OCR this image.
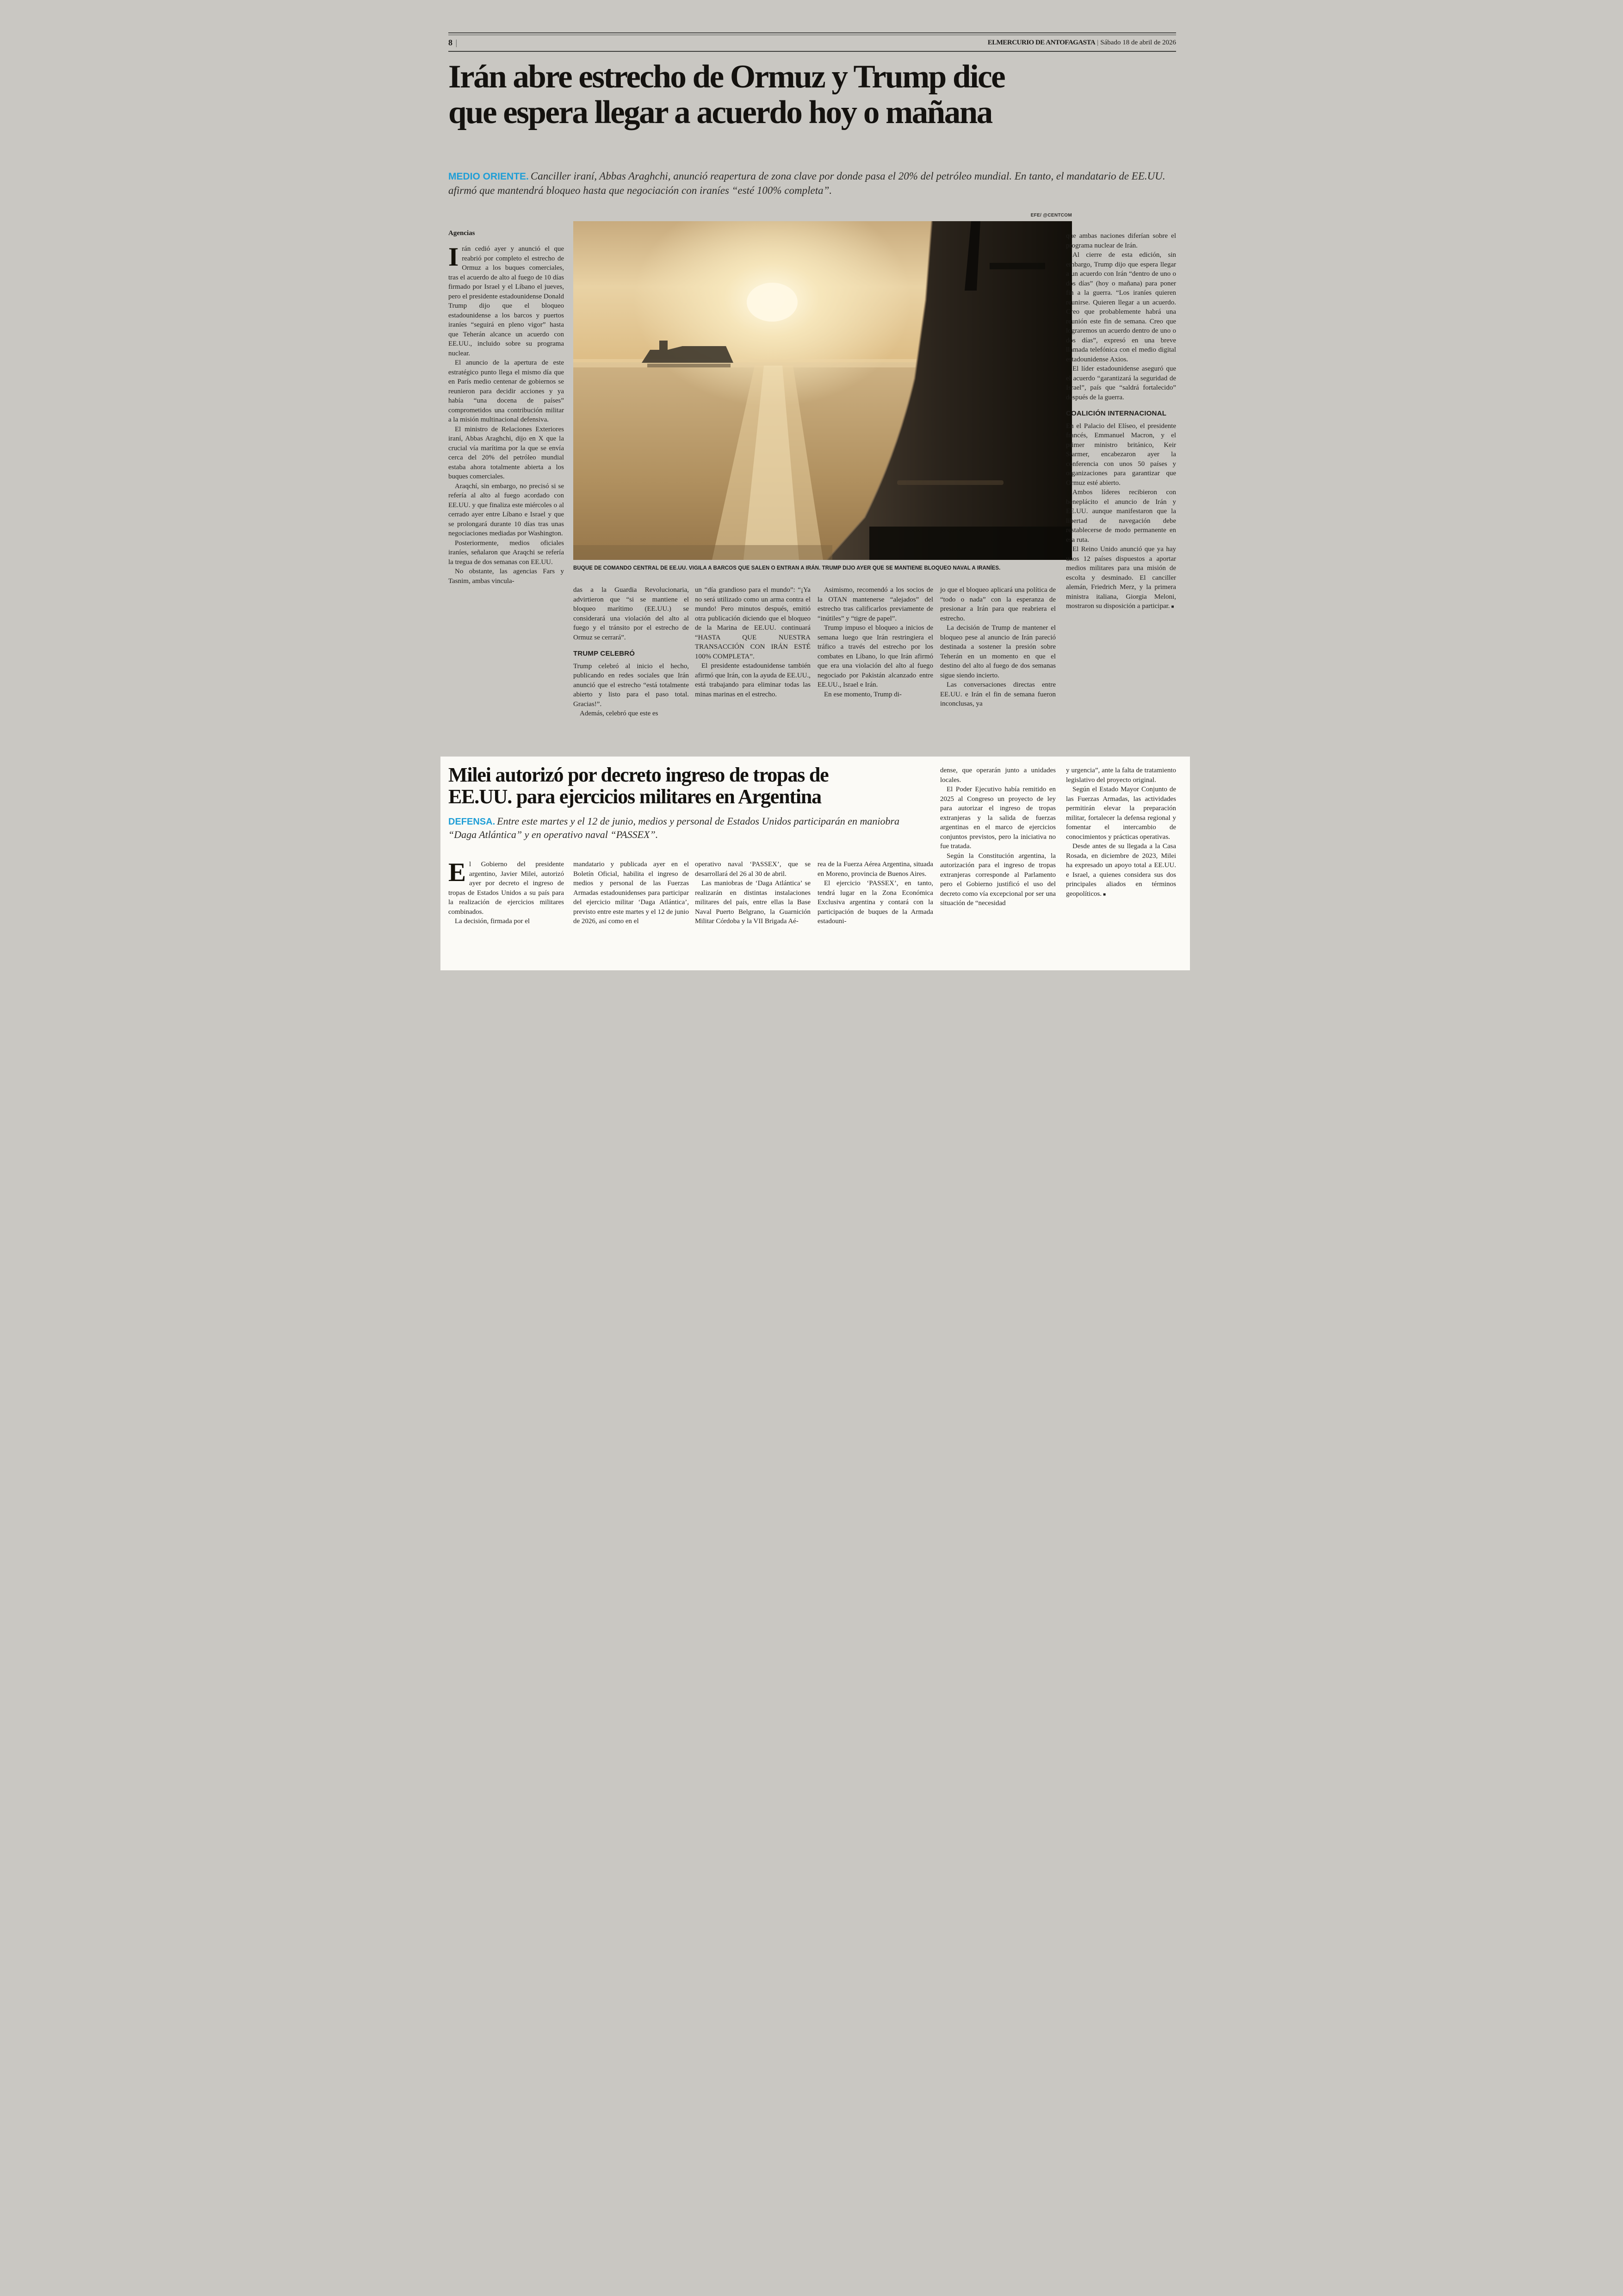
8 |	ELMERCURIO DE ANTOFAGASTA | Sábado 18 de abril de 2026
Irán abre estrecho de Ormuz y Trump dice
que espera llegar a acuerdo hoy o mañana
MEDIO ORIENTE. Canciller iraní, Abbas Araghchi, anunció reapertura de zona clave por donde pasa el 20% del petróleo mundial. En tanto, el mandatario de EE.UU. afirmó que mantendrá bloqueo hasta que negociación con iraníes “esté 100% completa”.
Agencias
EFE/ @CENTCOM
BUQUE DE COMANDO CENTRAL DE EE.UU. VIGILA A BARCOS QUE SALEN O ENTRAN A IRÁN. TRUMP DIJO AYER QUE SE MANTIENE BLOQUEO NAVAL A IRANÍES.

Irán cedió ayer y anunció el que reabrió por completo el estrecho de Ormuz a los buques comerciales, tras el acuerdo de alto al fuego de 10 días firmado por Israel y el Líbano el jueves, pero el presidente estadounidense Donald Trump dijo que el bloqueo estadounidense a los barcos y puertos iraníes “seguirá en pleno vigor” hasta que Teherán alcance un acuerdo con EE.UU., incluido sobre su programa nuclear.

El anuncio de la apertura de este estratégico punto llega el mismo día que en París medio centenar de gobiernos se reunieron para decidir acciones y ya había “una docena de países” comprometidos una contribución militar a la misión multinacional defensiva.

El ministro de Relaciones Exteriores iraní, Abbas Araghchi, dijo en X que la crucial vía marítima por la que se envía cerca del 20% del petróleo mundial estaba ahora totalmente abierta a los buques comerciales.

Araqchí, sin embargo, no precisó si se refería al alto al fuego acordado con EE.UU. y que finaliza este miércoles o al cerrado ayer entre Líbano e Israel y que se prolongará durante 10 días tras unas negociaciones mediadas por Washington.

Posteriormente, medios oficiales iraníes, señalaron que Araqchi se refería la tregua de dos semanas con EE.UU.

No obstante, las agencias Fars y Tasnim, ambas vincula-

das a la Guardia Revolucionaria, advirtieron que “si se mantiene el bloqueo marítimo (EE.UU.) se considerará una violación del alto al fuego y el tránsito por el estrecho de Ormuz se cerrará”.

TRUMP CELEBRÓ

Trump celebró al inicio el hecho, publicando en redes sociales que Irán anunció que el estrecho “está totalmente abierto y listo para el paso total. Gracias!”.

Además, celebró que este es

un “día grandioso para el mundo”: “¡Ya no será utilizado como un arma contra el mundo! Pero minutos después, emitió otra publicación diciendo que el bloqueo de la Marina de EE.UU. continuará “HASTA QUE NUESTRA TRANSACCIÓN CON IRÁN ESTÉ 100% COMPLETA”.

El presidente estadounidense también afirmó que Irán, con la ayuda de EE.UU., está trabajando para eliminar todas las minas marinas en el estrecho.

Asimismo, recomendó a los socios de la OTAN mantenerse “alejados” del estrecho tras calificarlos previamente de “inútiles” y “tigre de papel”.

Trump impuso el bloqueo a inicios de semana luego que Irán restringiera el tráfico a través del estrecho por los combates en Líbano, lo que Irán afirmó que era una violación del alto al fuego negociado por Pakistán alcanzado entre EE.UU., Israel e Irán.

En ese momento, Trump di-

jo que el bloqueo aplicará una política de “todo o nada” con la esperanza de presionar a Irán para que reabriera el estrecho.

La decisión de Trump de mantener el bloqueo pese al anuncio de Irán pareció destinada a sostener la presión sobre Teherán en un momento en que el destino del alto al fuego de dos semanas sigue siendo incierto.

Las conversaciones directas entre EE.UU. e Irán el fin de semana fueron inconclusas, ya

que ambas naciones diferían sobre el programa nuclear de Irán.

Al cierre de esta edición, sin embargo, Trump dijo que espera llegar a un acuerdo con Irán “dentro de uno o dos días” (hoy o mañana) para poner fin a la guerra. “Los iraníes quieren reunirse. Quieren llegar a un acuerdo. Creo que probablemente habrá una reunión este fin de semana. Creo que lograremos un acuerdo dentro de uno o dos días”, expresó en una breve llamada telefónica con el medio digital estadounidense Axios.

El líder estadounidense aseguró que el acuerdo “garantizará la seguridad de Israel”, país que “saldrá fortalecido” después de la guerra.

COALICIÓN INTERNACIONAL

En el Palacio del Elíseo, el presidente francés, Emmanuel Macron, y el primer ministro británico, Keir Starmer, encabezaron ayer la conferencia con unos 50 países y organizaciones para garantizar que Ormuz esté abierto.

Ambos líderes recibieron con beneplácito el anuncio de Irán y EE.UU. aunque manifestaron que la libertad de navegación debe restablecerse de modo permanente en esa ruta.

El Reino Unido anunció que ya hay unos 12 países dispuestos a aportar medios militares para una misión de escolta y desminado. El canciller alemán, Friedrich Merz, y la primera ministra italiana, Giorgia Meloni, mostraron su disposición a participar. ■

Milei autorizó por decreto ingreso de tropas de
EE.UU. para ejercicios militares en Argentina
DEFENSA. Entre este martes y el 12 de junio, medios y personal de Estados Unidos participarán en maniobra “Daga Atlántica” y en operativo naval “PASSEX”.

El Gobierno del presidente argentino, Javier Milei, autorizó ayer por decreto el ingreso de tropas de Estados Unidos a su país para la realización de ejercicios militares combinados.

La decisión, firmada por el

mandatario y publicada ayer en el Boletín Oficial, habilita el ingreso de medios y personal de las Fuerzas Armadas estadounidenses para participar del ejercicio militar ‘Daga Atlántica’, previsto entre este martes y el 12 de junio de 2026, así como en el

operativo naval ‘PASSEX’, que se desarrollará del 26 al 30 de abril.

Las maniobras de ‘Daga Atlántica’ se realizarán en distintas instalaciones militares del país, entre ellas la Base Naval Puerto Belgrano, la Guarnición Militar Córdoba y la VII Brigada Aé-

rea de la Fuerza Aérea Argentina, situada en Moreno, provincia de Buenos Aires.

El ejercicio ‘PASSEX’, en tanto, tendrá lugar en la Zona Económica Exclusiva argentina y contará con la participación de buques de la Armada estadouni-

dense, que operarán junto a unidades locales.

El Poder Ejecutivo había remitido en 2025 al Congreso un proyecto de ley para autorizar el ingreso de tropas extranjeras y la salida de fuerzas argentinas en el marco de ejercicios conjuntos previstos, pero la iniciativa no fue tratada.

Según la Constitución argentina, la autorización para el ingreso de tropas extranjeras corresponde al Parlamento pero el Gobierno justificó el uso del decreto como vía excepcional por ser una situación de “necesidad

y urgencia”, ante la falta de tratamiento legislativo del proyecto original.

Según el Estado Mayor Conjunto de las Fuerzas Armadas, las actividades permitirán elevar la preparación militar, fortalecer la defensa regional y fomentar el intercambio de conocimientos y prácticas operativas.

Desde antes de su llegada a la Casa Rosada, en diciembre de 2023, Milei ha expresado un apoyo total a EE.UU. e Israel, a quienes considera sus dos principales aliados en términos geopolíticos. ■
